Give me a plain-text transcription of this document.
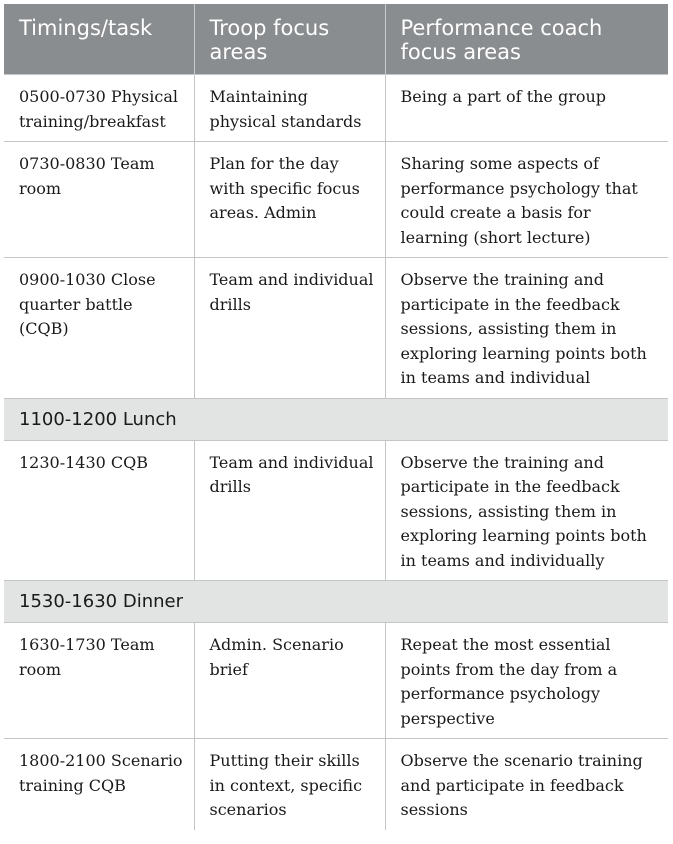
Timings/task	Troop focus areas	Performance coach focus areas
0500-0730 Physical training/breakfast	Maintaining physical standards	Being a part of the group
0730-0830 Team room	Plan for the day with specific focus areas. Admin	Sharing some aspects of performance psychology that could create a basis for learning (short lecture)
0900-1030 Close quarter battle (CQB)	Team and individual drills	Observe the training and participate in the feedback sessions, assisting them in exploring learning points both in teams and individual
1100-1200 Lunch		
1230-1430 CQB	Team and individual drills	Observe the training and participate in the feedback sessions, assisting them in exploring learning points both in teams and individually
1530-1630 Dinner		
1630-1730 Team room	Admin. Scenario brief	Repeat the most essential points from the day from a performance psychology perspective
1800-2100 Scenario training CQB	Putting their skills in context, specific scenarios	Observe the scenario training and participate in feedback sessions
